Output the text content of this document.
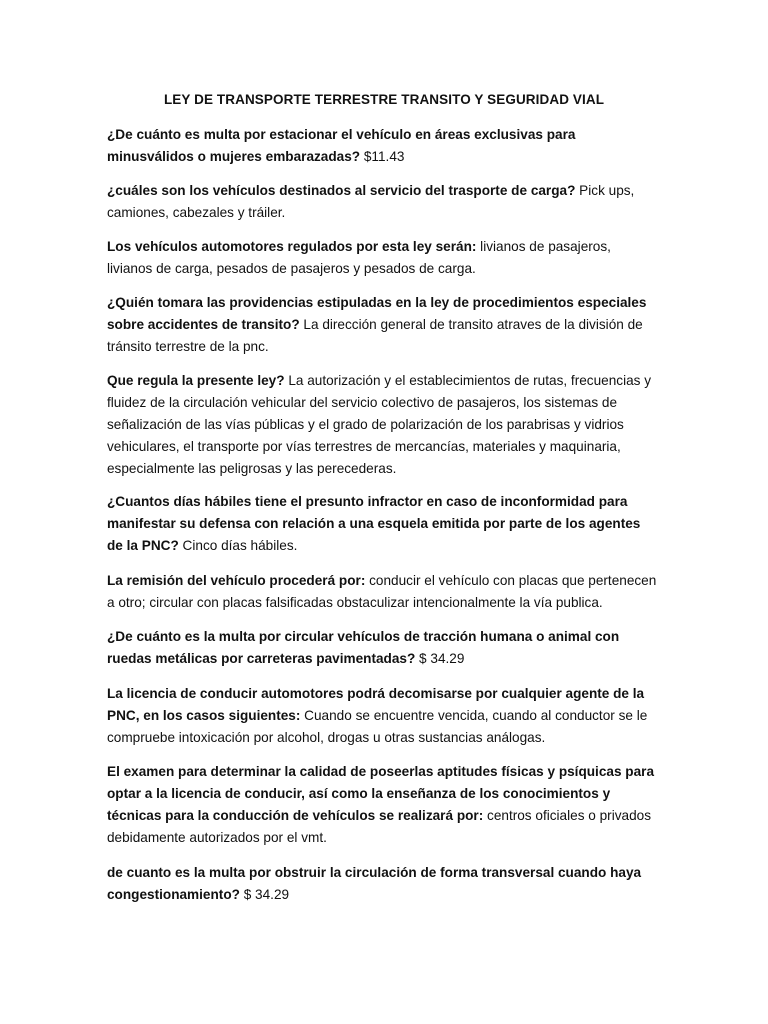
LEY DE TRANSPORTE TERRESTRE TRANSITO Y SEGURIDAD VIAL

¿De cuánto es multa por estacionar el vehículo en áreas exclusivas para minusválidos o mujeres embarazadas? $11.43

¿cuáles son los vehículos destinados al servicio del trasporte de carga? Pick ups, camiones, cabezales y tráiler.

Los vehículos automotores regulados por esta ley serán: livianos de pasajeros, livianos de carga, pesados de pasajeros y pesados de carga.

¿Quién tomara las providencias estipuladas en la ley de procedimientos especiales sobre accidentes de transito? La dirección general de transito atraves de la división de tránsito terrestre de la pnc.

Que regula la presente ley? La autorización y el establecimientos de rutas, frecuencias y fluidez de la circulación vehicular del servicio colectivo de pasajeros, los sistemas de señalización de las vías públicas y el grado de polarización de los parabrisas y vidrios vehiculares, el transporte por vías terrestres de mercancías, materiales y maquinaria, especialmente las peligrosas y las perecederas.

¿Cuantos días hábiles tiene el presunto infractor en caso de inconformidad para manifestar su defensa con relación a una esquela emitida por parte de los agentes de la PNC? Cinco días hábiles.

La remisión del vehículo procederá por: conducir el vehículo con placas que pertenecen a otro; circular con placas falsificadas obstaculizar intencionalmente la vía publica.

¿De cuánto es la multa por circular vehículos de tracción humana o animal con ruedas metálicas por carreteras pavimentadas? $ 34.29

La licencia de conducir automotores podrá decomisarse por cualquier agente de la PNC, en los casos siguientes: Cuando se encuentre vencida, cuando al conductor se le compruebe intoxicación por alcohol, drogas u otras sustancias análogas.

El examen para determinar la calidad de poseerlas aptitudes físicas y psíquicas para optar a la licencia de conducir, así como la enseñanza de los conocimientos y técnicas para la conducción de vehículos se realizará por: centros oficiales o privados debidamente autorizados por el vmt.

de cuanto es la multa por obstruir la circulación de forma transversal cuando haya congestionamiento? $ 34.29
